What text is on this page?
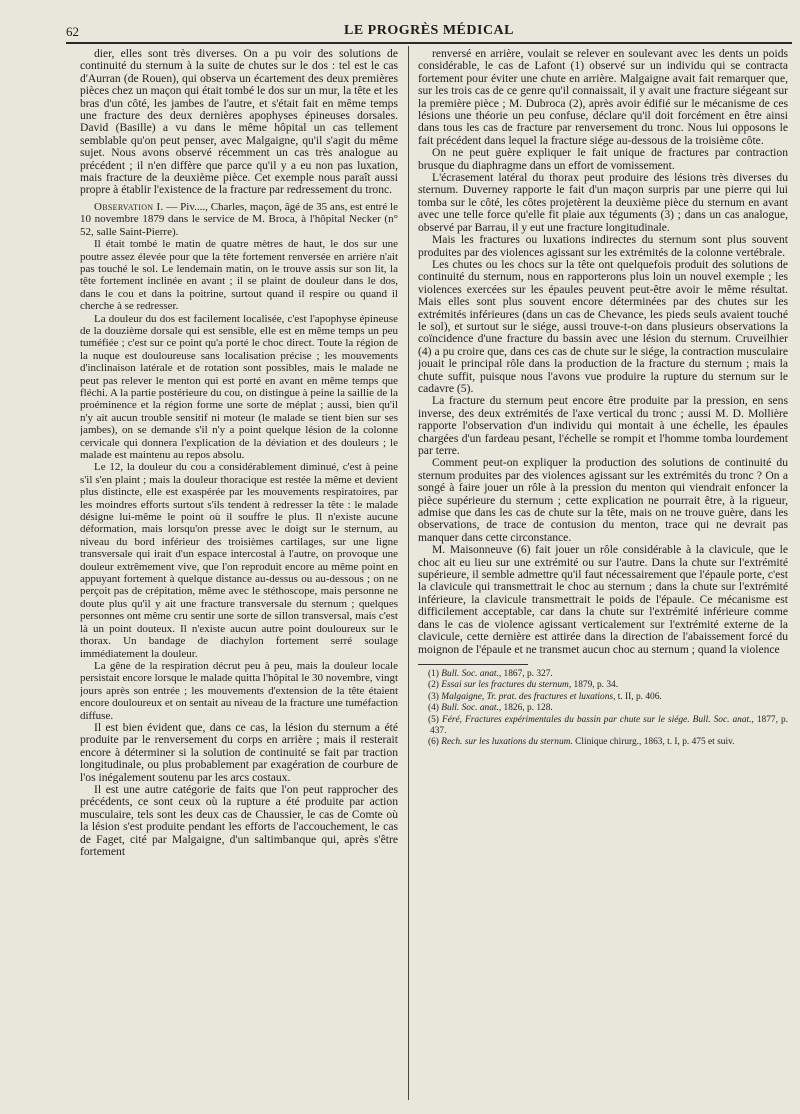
62	LE PROGRÈS MÉDICAL

dier, elles sont très diverses. On a pu voir des solutions de continuité du sternum à la suite de chutes sur le dos : tel est le cas d'Aurran (de Rouen), qui observa un écartement des deux premières pièces chez un maçon qui était tombé le dos sur un mur, la tête et les bras d'un côté, les jambes de l'autre, et s'était fait en même temps une fracture des deux dernières apophyses épineuses dorsales. David (Basille) a vu dans le même hôpital un cas tellement semblable qu'on peut penser, avec Malgaigne, qu'il s'agit du même sujet. Nous avons observé récemment un cas très analogue au précédent ; il n'en diffère que parce qu'il y a eu non pas luxation, mais fracture de la deuxième pièce. Cet exemple nous paraît aussi propre à établir l'existence de la fracture par redressement du tronc.

Observation I. — Piv...., Charles, maçon, âgé de 35 ans, est entré le 10 novembre 1879 dans le service de M. Broca, à l'hôpital Necker (n° 52, salle Saint-Pierre).

Il était tombé le matin de quatre mètres de haut, le dos sur une poutre assez élevée pour que la tête fortement renversée en arrière n'ait pas touché le sol. Le lendemain matin, on le trouve assis sur son lit, la tête fortement inclinée en avant ; il se plaint de douleur dans le dos, dans le cou et dans la poitrine, surtout quand il respire ou quand il cherche à se redresser.

La douleur du dos est facilement localisée, c'est l'apophyse épineuse de la douzième dorsale qui est sensible, elle est en même temps un peu tuméfiée ; c'est sur ce point qu'a porté le choc direct. Toute la région de la nuque est douloureuse sans localisation précise ; les mouvements d'inclinaison latérale et de rotation sont possibles, mais le malade ne peut pas relever le menton qui est porté en avant en même temps que fléchi. A la partie postérieure du cou, on distingue à peine la saillie de la proéminence et la région forme une sorte de méplat ; aussi, bien qu'il n'y ait aucun trouble sensitif ni moteur (le malade se tient bien sur ses jambes), on se demande s'il n'y a point quelque lésion de la colonne cervicale qui donnera l'explication de la déviation et des douleurs ; le malade est maintenu au repos absolu.

Le 12, la douleur du cou a considérablement diminué, c'est à peine s'il s'en plaint ; mais la douleur thoracique est restée la même et devient plus distincte, elle est exaspérée par les mouvements respiratoires, par les moindres efforts surtout s'ils tendent à redresser la tête : le malade désigne lui-même le point où il souffre le plus. Il n'existe aucune déformation, mais lorsqu'on presse avec le doigt sur le sternum, au niveau du bord inférieur des troisièmes cartilages, sur une ligne transversale qui irait d'un espace intercostal à l'autre, on provoque une douleur extrêmement vive, que l'on reproduit encore au même point en appuyant fortement à quelque distance au-dessus ou au-dessous ; on ne perçoit pas de crépitation, même avec le stéthoscope, mais personne ne doute plus qu'il y ait une fracture transversale du sternum ; quelques personnes ont même cru sentir une sorte de sillon transversal, mais c'est là un point douteux. Il n'existe aucun autre point douloureux sur le thorax. Un bandage de diachylon fortement serré soulage immédiatement la douleur.

La gêne de la respiration décrut peu à peu, mais la douleur locale persistait encore lorsque le malade quitta l'hôpital le 30 novembre, vingt jours après son entrée ; les mouvements d'extension de la tête étaient encore douloureux et on sentait au niveau de la fracture une tuméfaction diffuse.

Il est bien évident que, dans ce cas, la lésion du sternum a été produite par le renversement du corps en arrière ; mais il resterait encore à déterminer si la solution de continuité se fait par traction longitudinale, ou plus probablement par exagération de courbure de l'os inégalement soutenu par les arcs costaux.

Il est une autre catégorie de faits que l'on peut rapprocher des précédents, ce sont ceux où la rupture a été produite par action musculaire, tels sont les deux cas de Chaussier, le cas de Comte où la lésion s'est produite pendant les efforts de l'accouchement, le cas de Faget, cité par Malgaigne, d'un saltimbanque qui, après s'être fortement

renversé en arrière, voulait se relever en soulevant avec les dents un poids considérable, le cas de Lafont (1) observé sur un individu qui se contracta fortement pour éviter une chute en arrière. Malgaigne avait fait remarquer que, sur les trois cas de ce genre qu'il connaissait, il y avait une fracture siégeant sur la première pièce ; M. Dubroca (2), après avoir édifié sur le mécanisme de ces lésions une théorie un peu confuse, déclare qu'il doit forcément en être ainsi dans tous les cas de fracture par renversement du tronc. Nous lui opposons le fait précédent dans lequel la fracture siége au-dessous de la troisième côte.

On ne peut guère expliquer le fait unique de fractures par contraction brusque du diaphragme dans un effort de vomissement.

L'écrasement latéral du thorax peut produire des lésions très diverses du sternum. Duverney rapporte le fait d'un maçon surpris par une pierre qui lui tomba sur le côté, les côtes projetèrent la deuxième pièce du sternum en avant avec une telle force qu'elle fit plaie aux téguments (3) ; dans un cas analogue, observé par Barrau, il y eut une fracture longitudinale.

Mais les fractures ou luxations indirectes du sternum sont plus souvent produites par des violences agissant sur les extrémités de la colonne vertébrale.

Les chutes ou les chocs sur la tête ont quelquefois produit des solutions de continuité du sternum, nous en rapporterons plus loin un nouvel exemple ; les violences exercées sur les épaules peuvent peut-être avoir le même résultat. Mais elles sont plus souvent encore déterminées par des chutes sur les extrémités inférieures (dans un cas de Chevance, les pieds seuls avaient touché le sol), et surtout sur le siége, aussi trouve-t-on dans plusieurs observations la coïncidence d'une fracture du bassin avec une lésion du sternum. Cruveilhier (4) a pu croire que, dans ces cas de chute sur le siége, la contraction musculaire jouait le principal rôle dans la production de la fracture du sternum ; mais la chute suffit, puisque nous l'avons vue produire la rupture du sternum sur le cadavre (5).

La fracture du sternum peut encore être produite par la pression, en sens inverse, des deux extrémités de l'axe vertical du tronc ; aussi M. D. Mollière rapporte l'observation d'un individu qui montait à une échelle, les épaules chargées d'un fardeau pesant, l'échelle se rompit et l'homme tomba lourdement par terre.

Comment peut-on expliquer la production des solutions de continuité du sternum produites par des violences agissant sur les extrémités du tronc ? On a songé à faire jouer un rôle à la pression du menton qui viendrait enfoncer la pièce supérieure du sternum ; cette explication ne pourrait être, à la rigueur, admise que dans les cas de chute sur la tête, mais on ne trouve guère, dans les observations, de trace de contusion du menton, trace qui ne devrait pas manquer dans cette circonstance.

M. Maisonneuve (6) fait jouer un rôle considérable à la clavicule, que le choc ait eu lieu sur une extrémité ou sur l'autre. Dans la chute sur l'extrémité supérieure, il semble admettre qu'il faut nécessairement que l'épaule porte, c'est la clavicule qui transmettrait le choc au sternum ; dans la chute sur l'extrémité inférieure, la clavicule transmettrait le poids de l'épaule. Ce mécanisme est difficilement acceptable, car dans la chute sur l'extrémité inférieure comme dans le cas de violence agissant verticalement sur l'extrémité externe de la clavicule, cette dernière est attirée dans la direction de l'abaissement forcé du moignon de l'épaule et ne transmet aucun choc au sternum ; quand la violence

(1) Bull. Soc. anat., 1867, p. 327.
(2) Essai sur les fractures du sternum, 1879, p. 34.
(3) Malgaigne, Tr. prat. des fractures et luxations, t. II, p. 406.
(4) Bull. Soc. anat., 1826, p. 128.
(5) Féré, Fractures expérimentales du bassin par chute sur le siége. Bull. Soc. anat., 1877, p. 437.
(6) Rech. sur les luxations du sternum. Clinique chirurg., 1863, t. I, p. 475 et suiv.
